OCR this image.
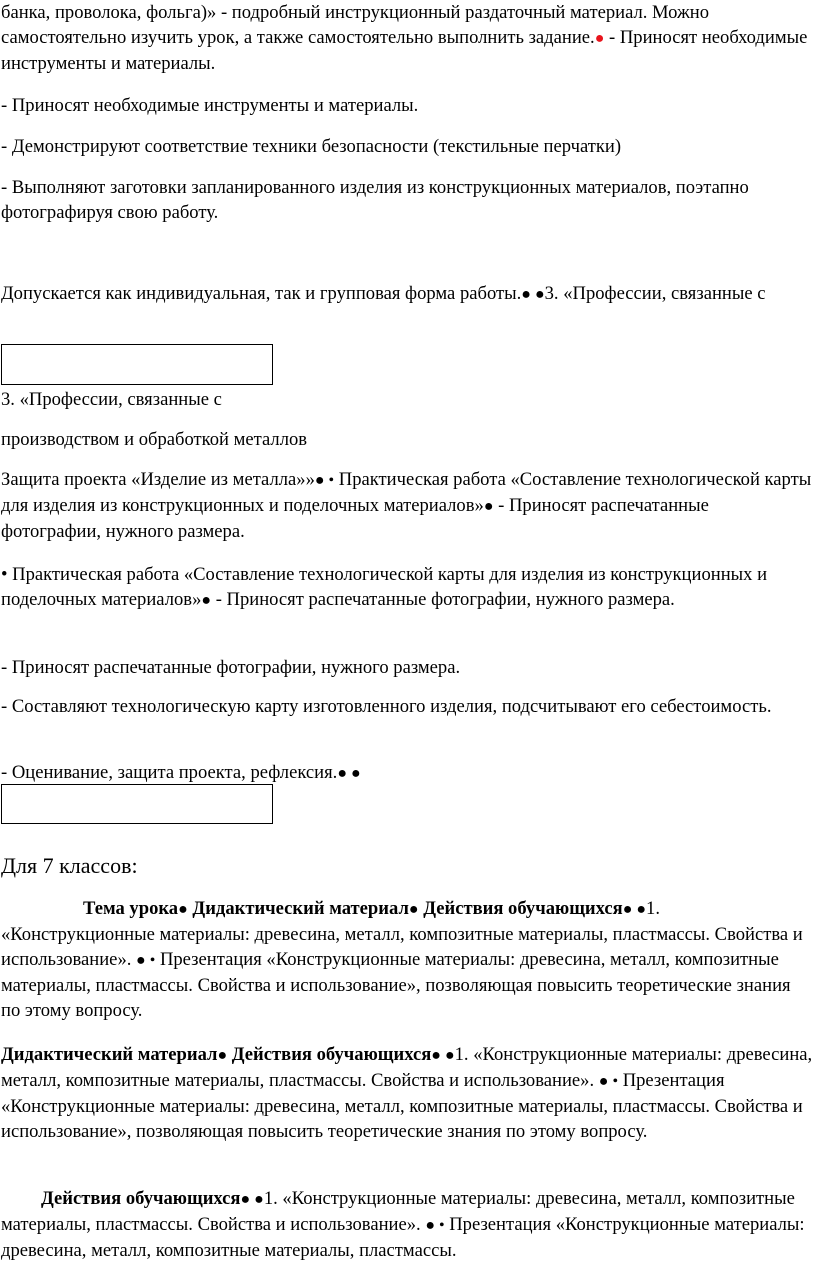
банка, проволока, фольга)» - подробный инструкционный раздаточный материал. Можно самостоятельно изучить урок, а также самостоятельно выполнить задание.● - Приносят необходимые инструменты и материалы.

- Приносят необходимые инструменты и материалы.

- Демонстрируют соответствие техники безопасности (текстильные перчатки)

- Выполняют заготовки запланированного изделия из конструкционных материалов, поэтапно фотографируя свою работу.

Допускается как индивидуальная, так и групповая форма работы.● ●3. «Профессии, связанные с

3. «Профессии, связанные с

производством и обработкой металлов

Защита проекта «Изделие из металла»»● • Практическая работа «Составление технологической карты для изделия из конструкционных и поделочных материалов»● - Приносят распечатанные фотографии, нужного размера.

• Практическая работа «Составление технологической карты для изделия из конструкционных и поделочных материалов»● - Приносят распечатанные фотографии, нужного размера.

- Приносят распечатанные фотографии, нужного размера.

- Составляют технологическую карту изготовленного изделия, подсчитывают его себестоимость.

- Оценивание, защита проекта, рефлексия.● ●

Для 7 классов:

Тема урока● Дидактический материал● Действия обучающихся● ●1. «Конструкционные материалы: древесина, металл, композитные материалы, пластмассы. Свойства и использование». ● • Презентация «Конструкционные материалы: древесина, металл, композитные материалы, пластмассы. Свойства и использование», позволяющая повысить теоретические знания по этому вопросу.

Дидактический материал● Действия обучающихся● ●1. «Конструкционные материалы: древесина, металл, композитные материалы, пластмассы. Свойства и использование». ● • Презентация «Конструкционные материалы: древесина, металл, композитные материалы, пластмассы. Свойства и использование», позволяющая повысить теоретические знания по этому вопросу.

Действия обучающихся● ●1. «Конструкционные материалы: древесина, металл, композитные материалы, пластмассы. Свойства и использование». ● • Презентация «Конструкционные материалы: древесина, металл, композитные материалы, пластмассы.
